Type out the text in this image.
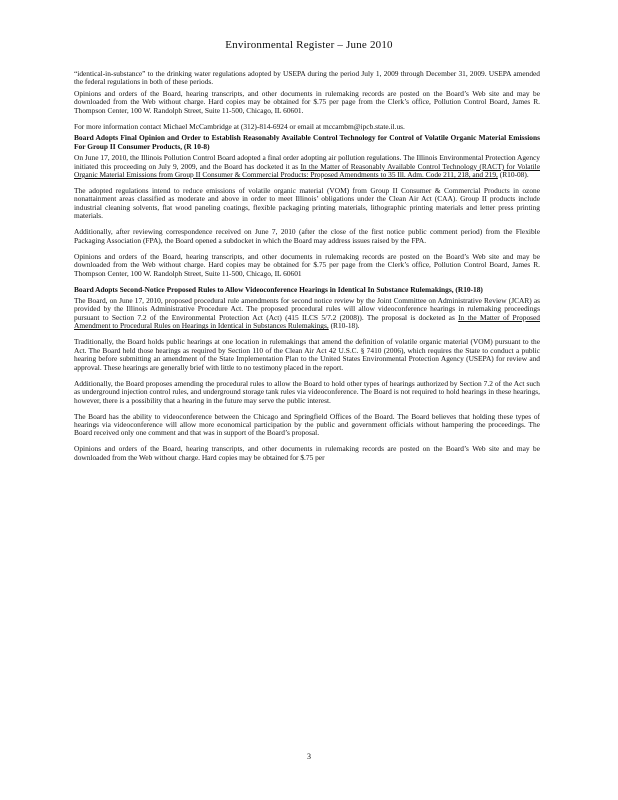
Environmental Register – June 2010

“identical-in-substance” to the drinking water regulations adopted by USEPA during the period July 1, 2009 through December 31, 2009. USEPA amended the federal regulations in both of these periods.

Opinions and orders of the Board, hearing transcripts, and other documents in rulemaking records are posted on the Board’s Web site and may be downloaded from the Web without charge. Hard copies may be obtained for $.75 per page from the Clerk’s office, Pollution Control Board, James R. Thompson Center, 100 W. Randolph Street, Suite 11-500, Chicago, IL 60601.

For more information contact Michael McCambridge at (312)-814-6924 or email at mccambm@ipcb.state.il.us.

Board Adopts Final Opinion and Order to Establish Reasonably Available Control Technology for Control of Volatile Organic Material Emissions For Group II Consumer Products, (R 10-8)

On June 17, 2010, the Illinois Pollution Control Board adopted a final order adopting air pollution regulations. The Illinois Environmental Protection Agency initiated this proceeding on July 9, 2009, and the Board has docketed it as In the Matter of Reasonably Available Control Technology (RACT) for Volatile Organic Material Emissions from Group II Consumer & Commercial Products: Proposed Amendments to 35 Ill. Adm. Code 211, 218, and 219, (R10-08).

The adopted regulations intend to reduce emissions of volatile organic material (VOM) from Group II Consumer & Commercial Products in ozone nonattainment areas classified as moderate and above in order to meet Illinois’ obligations under the Clean Air Act (CAA). Group II products include industrial cleaning solvents, flat wood paneling coatings, flexible packaging printing materials, lithographic printing materials and letter press printing materials.

Additionally, after reviewing correspondence received on June 7, 2010 (after the close of the first notice public comment period) from the Flexible Packaging Association (FPA), the Board opened a subdocket in which the Board may address issues raised by the FPA.

Opinions and orders of the Board, hearing transcripts, and other documents in rulemaking records are posted on the Board’s Web site and may be downloaded from the Web without charge. Hard copies may be obtained for $.75 per page from the Clerk’s office, Pollution Control Board, James R. Thompson Center, 100 W. Randolph Street, Suite 11-500, Chicago, IL 60601

Board Adopts Second-Notice Proposed Rules to Allow Videoconference Hearings in Identical In Substance Rulemakings, (R10-18)

The Board, on June 17, 2010, proposed procedural rule amendments for second notice review by the Joint Committee on Administrative Review (JCAR) as provided by the Illinois Administrative Procedure Act. The proposed procedural rules will allow videoconference hearings in rulemaking proceedings pursuant to Section 7.2 of the Environmental Protection Act (Act) (415 ILCS 5/7.2 (2008)). The proposal is docketed as In the Matter of Proposed Amendment to Procedural Rules on Hearings in Identical in Substances Rulemakings, (R10-18).

Traditionally, the Board holds public hearings at one location in rulemakings that amend the definition of volatile organic material (VOM) pursuant to the Act. The Board held those hearings as required by Section 110 of the Clean Air Act 42 U.S.C. § 7410 (2006), which requires the State to conduct a public hearing before submitting an amendment of the State Implementation Plan to the United States Environmental Protection Agency (USEPA) for review and approval. These hearings are generally brief with little to no testimony placed in the report.

Additionally, the Board proposes amending the procedural rules to allow the Board to hold other types of hearings authorized by Section 7.2 of the Act such as underground injection control rules, and underground storage tank rules via videoconference. The Board is not required to hold hearings in these hearings, however, there is a possibility that a hearing in the future may serve the public interest.

The Board has the ability to videoconference between the Chicago and Springfield Offices of the Board. The Board believes that holding these types of hearings via videoconference will allow more economical participation by the public and government officials without hampering the proceedings. The Board received only one comment and that was in support of the Board’s proposal.

Opinions and orders of the Board, hearing transcripts, and other documents in rulemaking records are posted on the Board’s Web site and may be downloaded from the Web without charge. Hard copies may be obtained for $.75 per

3
